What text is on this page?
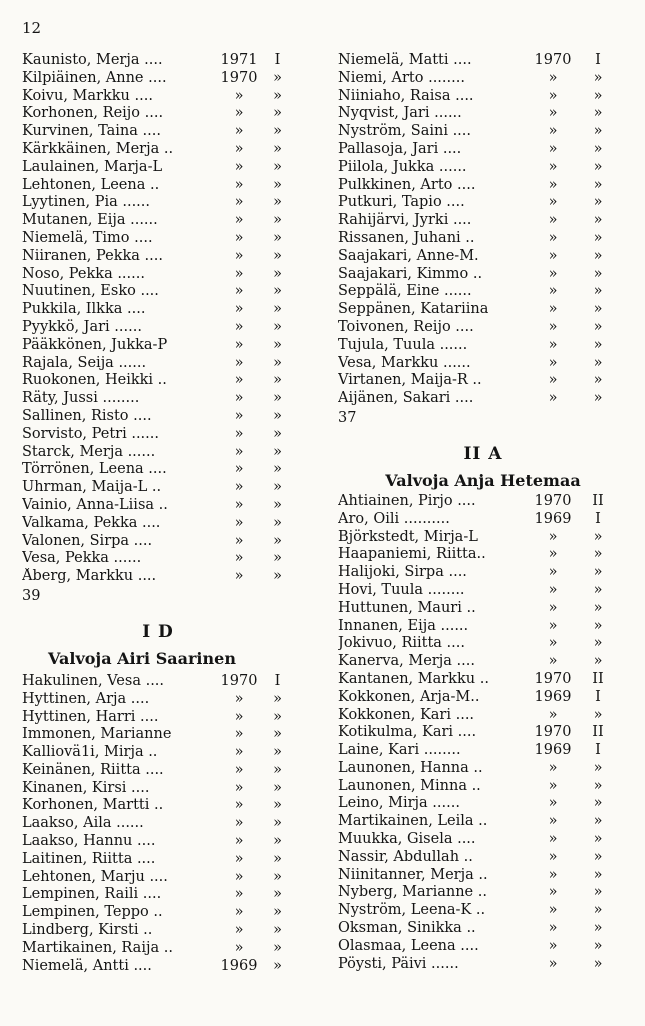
12
Kaunisto, Merja ....	1971	I
Kilpiäinen, Anne ....	1970	»
Koivu, Markku ....	»	»
Korhonen, Reijo ....	»	»
Kurvinen, Taina ....	»	»
Kärkkäinen, Merja ..	»	»
Laulainen, Marja-L	»	»
Lehtonen, Leena ..	»	»
Lyytinen, Pia ......	»	»
Mutanen, Eija ......	»	»
Niemelä, Timo ....	»	»
Niiranen, Pekka ....	»	»
Noso, Pekka ......	»	»
Nuutinen, Esko ....	»	»
Pukkila, Ilkka ....	»	»
Pyykkö, Jari ......	»	»
Pääkkönen, Jukka-P	»	»
Rajala, Seija ......	»	»
Ruokonen, Heikki ..	»	»
Räty, Jussi ........	»	»
Sallinen, Risto ....	»	»
Sorvisto, Petri ......	»	»
Starck, Merja ......	»	»
Törrönen, Leena ....	»	»
Uhrman, Maija-L ..	»	»
Vainio, Anna-Liisa ..	»	»
Valkama, Pekka ....	»	»
Valonen, Sirpa ....	»	»
Vesa, Pekka ......	»	»
Åberg, Markku ....	»	»
39
I D
Valvoja Airi Saarinen
Hakulinen, Vesa ....	1970	I
Hyttinen, Arja ....	»	»
Hyttinen, Harri ....	»	»
Immonen, Marianne	»	»
Kalliovä1i, Mirja ..	»	»
Keinänen, Riitta ....	»	»
Kinanen, Kirsi ....	»	»
Korhonen, Martti ..	»	»
Laakso, Aila ......	»	»
Laakso, Hannu ....	»	»
Laitinen, Riitta ....	»	»
Lehtonen, Marju ....	»	»
Lempinen, Raili ....	»	»
Lempinen, Teppo ..	»	»
Lindberg, Kirsti ..	»	»
Martikainen, Raija ..	»	»
Niemelä, Antti ....	1969	»
Niemelä, Matti ....	1970	I
Niemi, Arto ........	»	»
Niiniaho, Raisa ....	»	»
Nyqvist, Jari ......	»	»
Nyström, Saini ....	»	»
Pallasoja, Jari ....	»	»
Piilola, Jukka ......	»	»
Pulkkinen, Arto ....	»	»
Putkuri, Tapio ....	»	»
Rahijärvi, Jyrki ....	»	»
Rissanen, Juhani ..	»	»
Saajakari, Anne-M.	»	»
Saajakari, Kimmo ..	»	»
Seppälä, Eine ......	»	»
Seppänen, Katariina	»	»
Toivonen, Reijo ....	»	»
Tujula, Tuula ......	»	»
Vesa, Markku ......	»	»
Virtanen, Maija-R ..	»	»
Äijänen, Sakari ....	»	»
37
II A
Valvoja Anja Hetemaa
Ahtiainen, Pirjo ....	1970	II
Aro, Oili ..........	1969	I
Björkstedt, Mirja-L	»	»
Haapaniemi, Riitta..	»	»
Halijoki, Sirpa ....	»	»
Hovi, Tuula ........	»	»
Huttunen, Mauri ..	»	»
Innanen, Eija ......	»	»
Jokivuo, Riitta ....	»	»
Kanerva, Merja ....	»	»
Kantanen, Markku ..	1970	II
Kokkonen, Arja-M..	1969	I
Kokkonen, Kari ....	»	»
Kotikulma, Kari ....	1970	II
Laine, Kari ........	1969	I
Launonen, Hanna ..	»	»
Launonen, Minna ..	»	»
Leino, Mirja ......	»	»
Martikainen, Leila ..	»	»
Muukka, Gisela ....	»	»
Nassir, Abdullah ..	»	»
Niinitanner, Merja ..	»	»
Nyberg, Marianne ..	»	»
Nyström, Leena-K ..	»	»
Oksman, Sinikka ..	»	»
Olasmaa, Leena ....	»	»
Pöysti, Päivi ......	»	»
